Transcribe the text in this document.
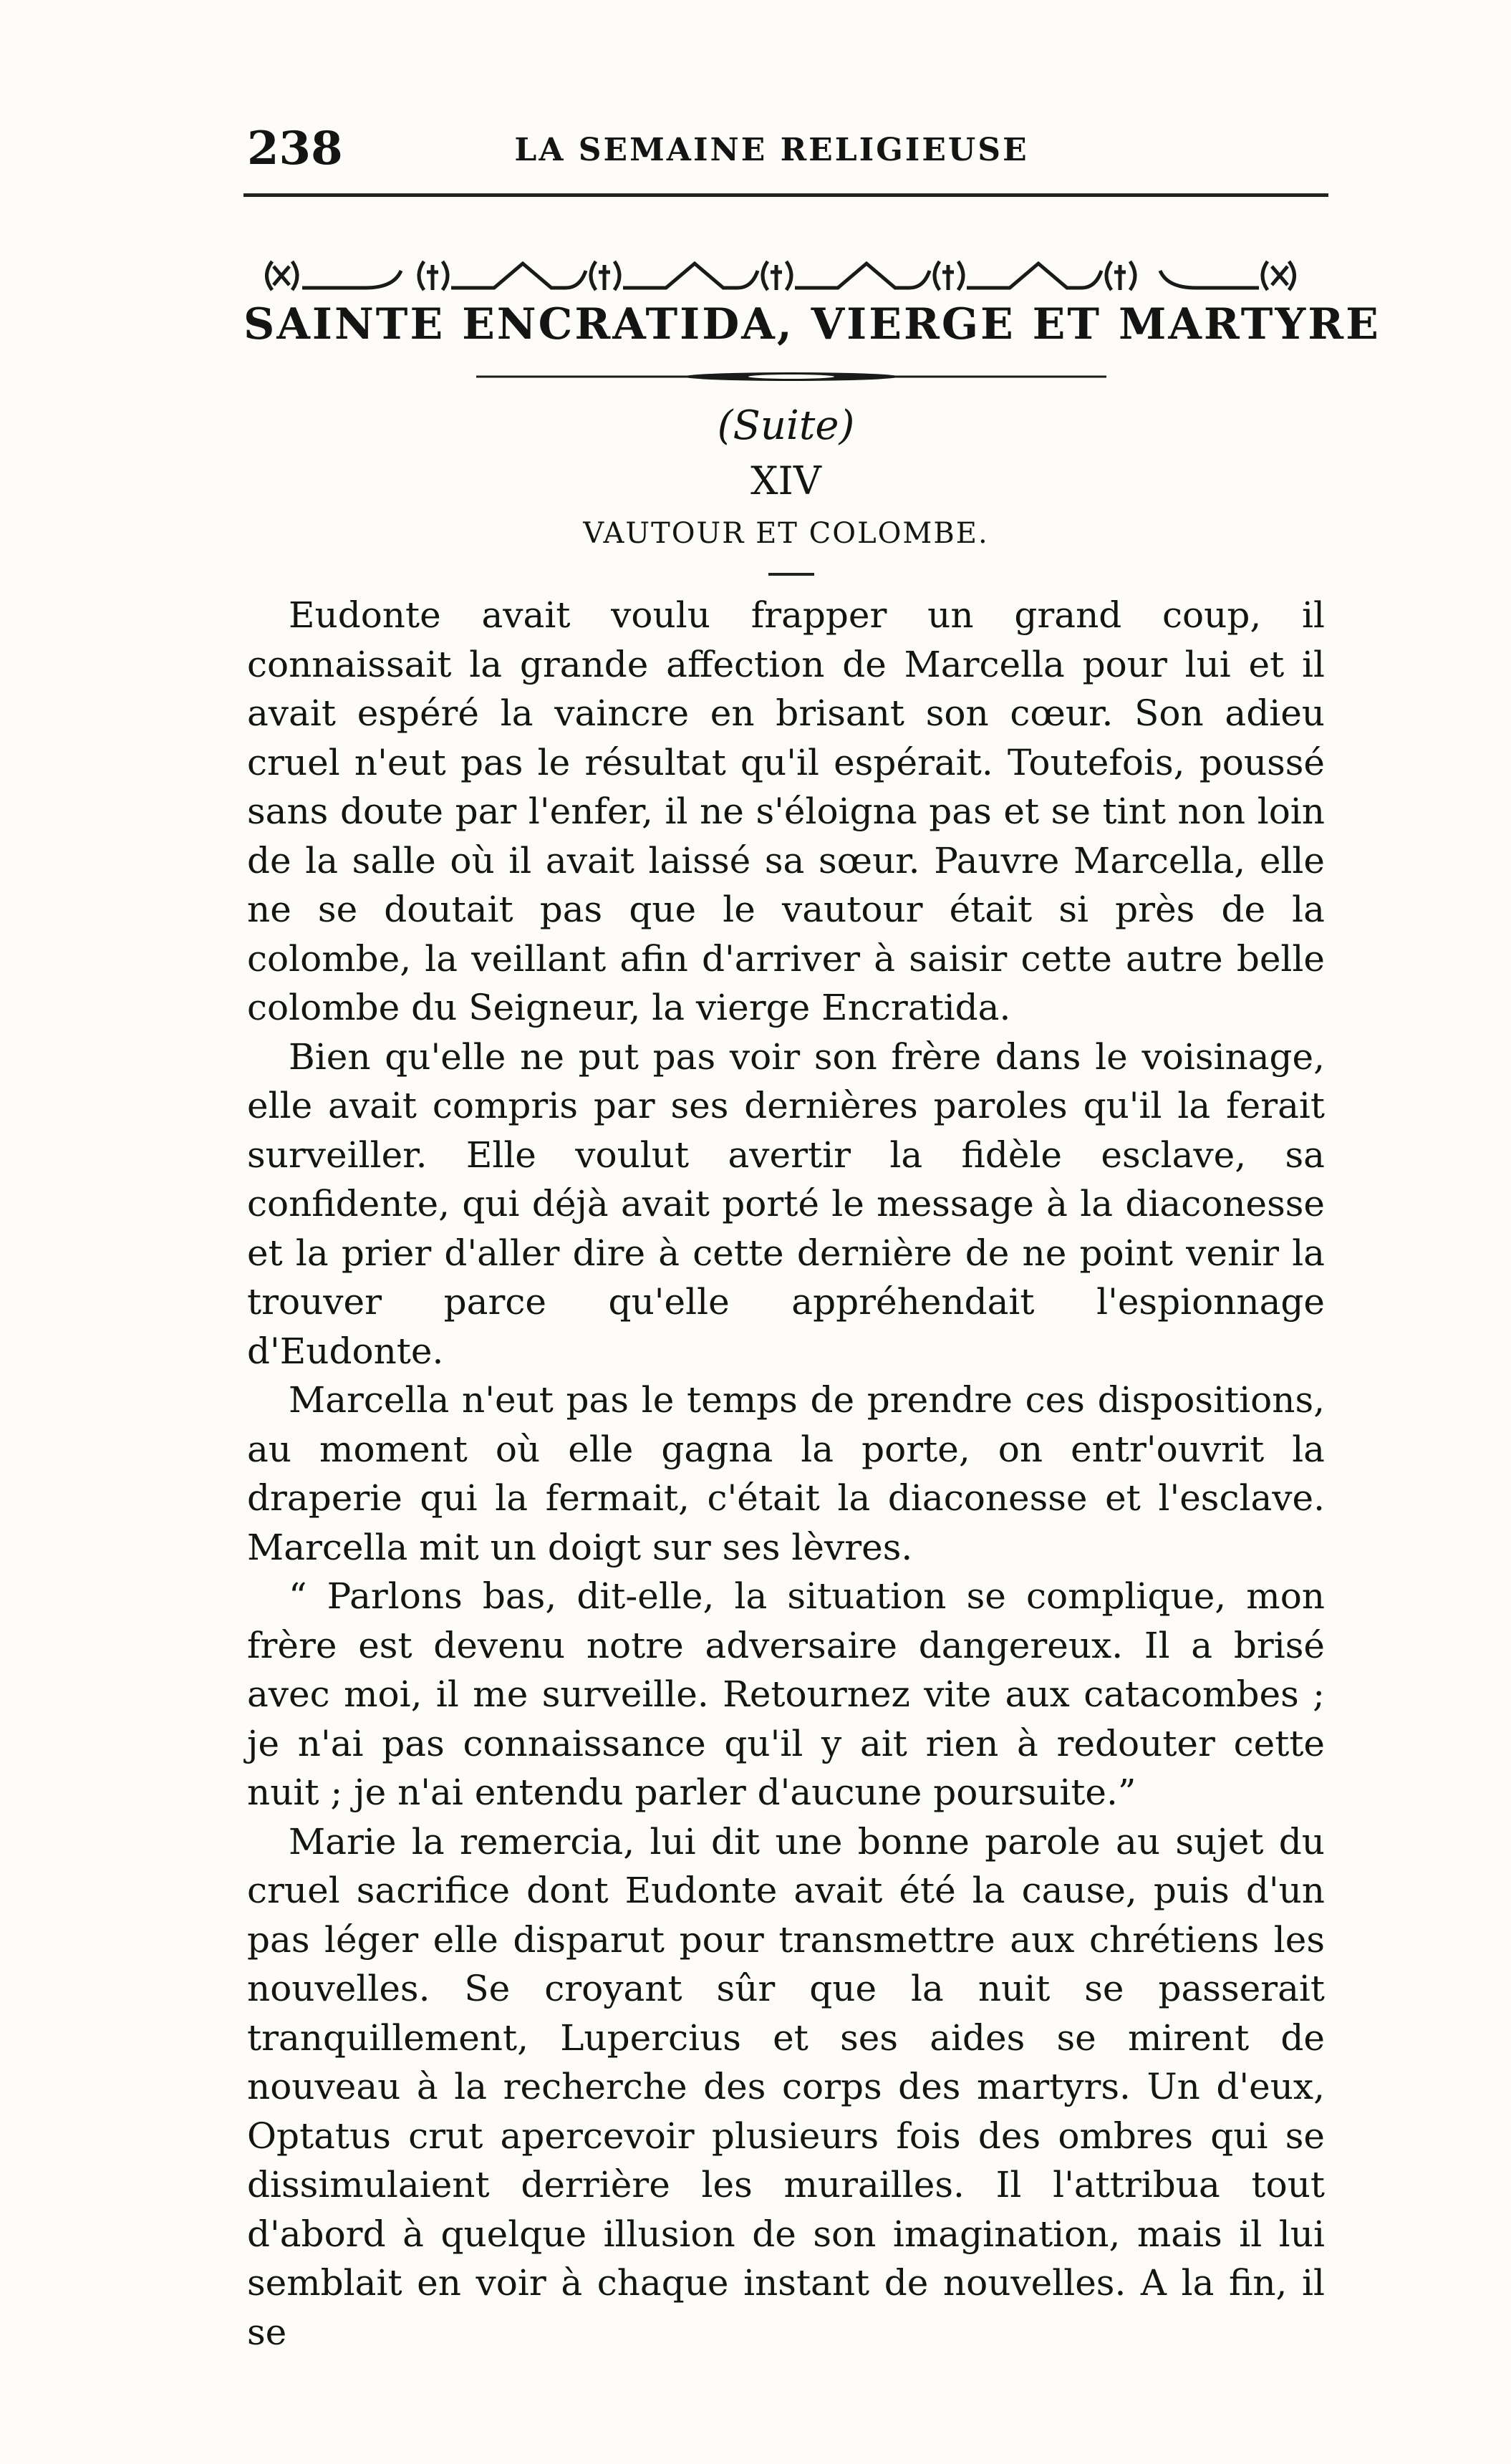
238	LA SEMAINE RELIGIEUSE
SAINTE ENCRATIDA, VIERGE ET MARTYRE
(Suite)
XIV
VAUTOUR ET COLOMBE.

Eudonte avait voulu frapper un grand coup, il connaissait la grande affection de Marcella pour lui et il avait espéré la vaincre en brisant son cœur. Son adieu cruel n'eut pas le résultat qu'il espérait. Toutefois, poussé sans doute par l'enfer, il ne s'éloigna pas et se tint non loin de la salle où il avait laissé sa sœur. Pauvre Marcella, elle ne se doutait pas que le vautour était si près de la colombe, la veillant afin d'arriver à saisir cette autre belle colombe du Seigneur, la vierge Encratida.

Bien qu'elle ne put pas voir son frère dans le voisinage, elle avait compris par ses dernières paroles qu'il la ferait surveiller. Elle voulut avertir la fidèle esclave, sa confidente, qui déjà avait porté le message à la diaconesse et la prier d'aller dire à cette dernière de ne point venir la trouver parce qu'elle appréhendait l'espionnage d'Eudonte.

Marcella n'eut pas le temps de prendre ces dispositions, au moment où elle gagna la porte, on entr'ouvrit la draperie qui la fermait, c'était la diaconesse et l'esclave. Marcella mit un doigt sur ses lèvres.

“ Parlons bas, dit-elle, la situation se complique, mon frère est devenu notre adversaire dangereux. Il a brisé avec moi, il me surveille. Retournez vite aux catacombes ; je n'ai pas connaissance qu'il y ait rien à redouter cette nuit ; je n'ai entendu parler d'aucune poursuite.”

Marie la remercia, lui dit une bonne parole au sujet du cruel sacrifice dont Eudonte avait été la cause, puis d'un pas léger elle disparut pour transmettre aux chrétiens les nouvelles. Se croyant sûr que la nuit se passerait tranquillement, Lupercius et ses aides se mirent de nouveau à la recherche des corps des martyrs. Un d'eux, Optatus crut apercevoir plusieurs fois des ombres qui se dissimulaient derrière les murailles. Il l'attribua tout d'abord à quelque illusion de son imagination, mais il lui semblait en voir à chaque instant de nouvelles. A la fin, il se
